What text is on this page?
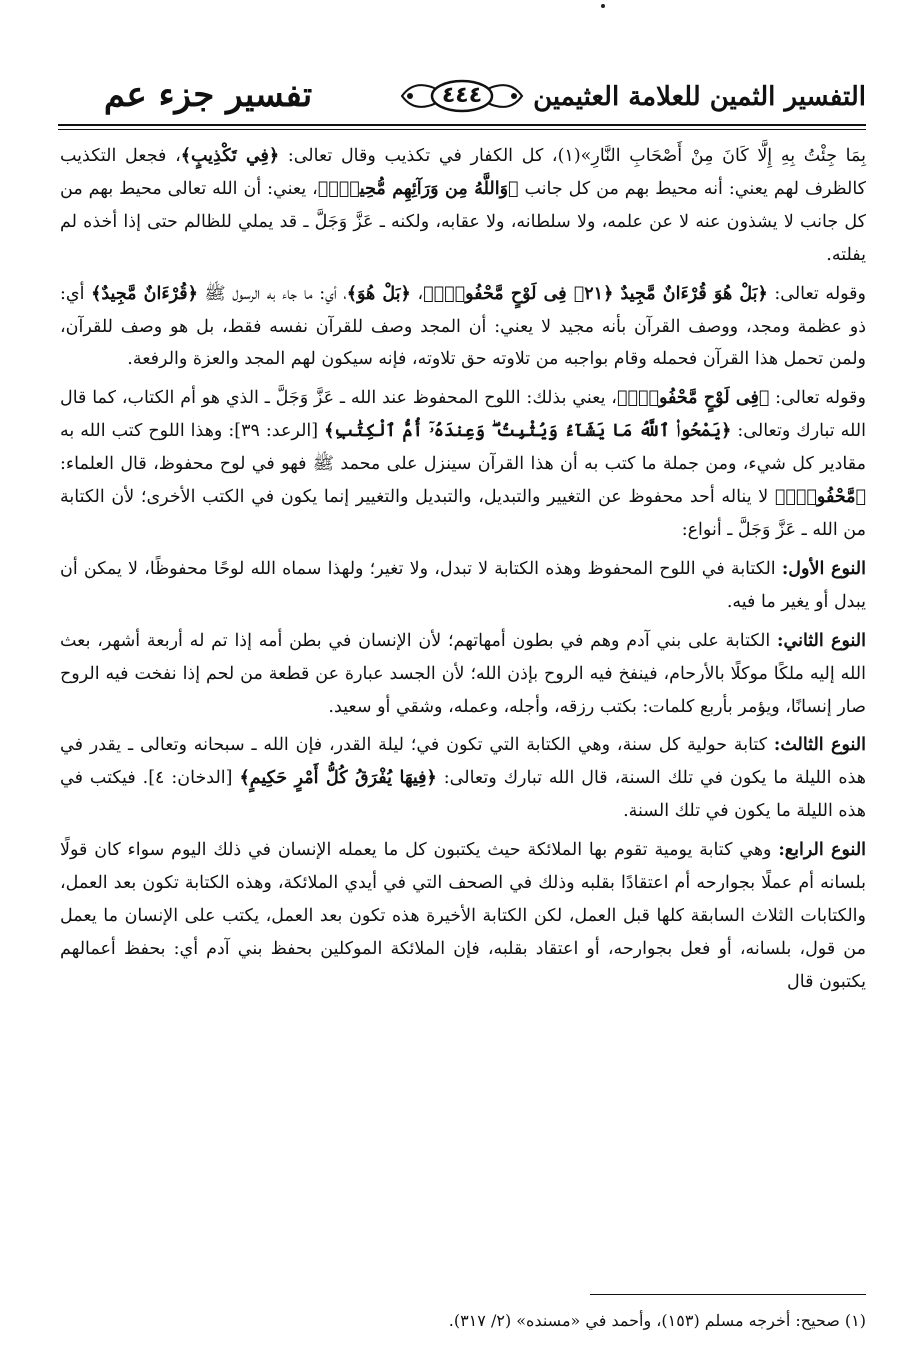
تفسير جزء عم	٤٤٤	التفسير الثمين للعلامة العثيمين

بِمَا جِئْتُ بِهِ إِلَّا كَانَ مِنْ أَصْحَابِ النَّارِ»(١)، كل الكفار في تكذيب وقال تعالى: ﴿فِي تَكْذِيبٍ﴾، فجعل التكذيب كالظرف لهم يعني: أنه محيط بهم من كل جانب ﴿وَاللَّهُ مِن وَرَآئِهِم مُّحِيطٌۢ﴾، يعني: أن الله تعالى محيط بهم من كل جانب لا يشذون عنه لا عن علمه، ولا سلطانه، ولا عقابه، ولكنه ـ عَزَّ وَجَلَّ ـ قد يملي للظالم حتى إذا أخذه لم يفلته.

وقوله تعالى: ﴿بَلْ هُوَ قُرْءَانٌ مَّجِيدٌ ﴿٢١﴾ فِى لَوْحٍ مَّحْفُوظٍۭ﴾، ﴿بَلْ هُوَ﴾، أي: ما جاء به الرسول ﷺ ﴿قُرْءَانٌ مَّجِيدٌ﴾ أي: ذو عظمة ومجد، ووصف القرآن بأنه مجيد لا يعني: أن المجد وصف للقرآن نفسه فقط، بل هو وصف للقرآن، ولمن تحمل هذا القرآن فحمله وقام بواجبه من تلاوته حق تلاوته، فإنه سيكون لهم المجد والعزة والرفعة.

وقوله تعالى: ﴿فِى لَوْحٍ مَّحْفُوظٍۭ﴾، يعني بذلك: اللوح المحفوظ عند الله ـ عَزَّ وَجَلَّ ـ الذي هو أم الكتاب، كما قال الله تبارك وتعالى: ﴿يَمْحُوا۟ ٱللَّهُ مَا يَشَآءُ وَيُثْبِتُ ۖ وَعِندَهُۥٓ أُمُّ ٱلْكِتَٰبِ﴾ [الرعد: ٣٩]: وهذا اللوح كتب الله به مقادير كل شيء، ومن جملة ما كتب به أن هذا القرآن سينزل على محمد ﷺ فهو في لوح محفوظ، قال العلماء: ﴿مَّحْفُوظٍۭ﴾ لا يناله أحد محفوظ عن التغيير والتبديل، والتبديل والتغيير إنما يكون في الكتب الأخرى؛ لأن الكتابة من الله ـ عَزَّ وَجَلَّ ـ أنواع:

النوع الأول: الكتابة في اللوح المحفوظ وهذه الكتابة لا تبدل، ولا تغير؛ ولهذا سماه الله لوحًا محفوظًا، لا يمكن أن يبدل أو يغير ما فيه.

النوع الثاني: الكتابة على بني آدم وهم في بطون أمهاتهم؛ لأن الإنسان في بطن أمه إذا تم له أربعة أشهر، بعث الله إليه ملكًا موكلًا بالأرحام، فينفخ فيه الروح بإذن الله؛ لأن الجسد عبارة عن قطعة من لحم إذا نفخت فيه الروح صار إنسانًا، ويؤمر بأربع كلمات: بكتب رزقه، وأجله، وعمله، وشقي أو سعيد.

النوع الثالث: كتابة حولية كل سنة، وهي الكتابة التي تكون في؛ ليلة القدر، فإن الله ـ سبحانه وتعالى ـ يقدر في هذه الليلة ما يكون في تلك السنة، قال الله تبارك وتعالى: ﴿فِيهَا يُفْرَقُ كُلُّ أَمْرٍ حَكِيمٍ﴾ [الدخان: ٤]. فيكتب في هذه الليلة ما يكون في تلك السنة.

النوع الرابع: وهي كتابة يومية تقوم بها الملائكة حيث يكتبون كل ما يعمله الإنسان في ذلك اليوم سواء كان قولًا بلسانه أم عملًا بجوارحه أم اعتقادًا بقلبه وذلك في الصحف التي في أيدي الملائكة، وهذه الكتابة تكون بعد العمل، والكتابات الثلاث السابقة كلها قبل العمل، لكن الكتابة الأخيرة هذه تكون بعد العمل، يكتب على الإنسان ما يعمل من قول، بلسانه، أو فعل بجوارحه، أو اعتقاد بقلبه، فإن الملائكة الموكلين بحفظ بني آدم أي: بحفظ أعمالهم يكتبون قال

(١) صحيح: أخرجه مسلم (١٥٣)، وأحمد في «مسنده» (٢/ ٣١٧).
